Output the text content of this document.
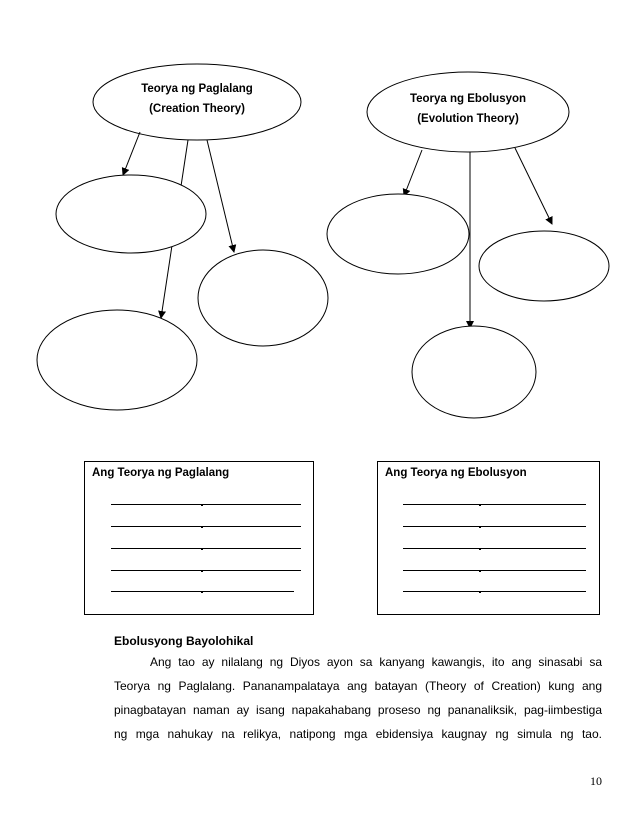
Teorya ng Paglalang
(Creation Theory)
Teorya ng Ebolusyon
(Evolution Theory)
Ang Teorya ng Paglalang	Ang Teorya ng Ebolusyon
Ebolusyong Bayolohikal
Ang tao ay nilalang ng Diyos ayon sa kanyang kawangis, ito ang sinasabi sa
Teorya ng Paglalang. Pananampalataya ang batayan (Theory of Creation) kung ang
pinagbatayan naman ay isang napakahabang proseso ng pananaliksik, pag-iimbestiga
ng mga nahukay na relikya, natipong mga ebidensiya kaugnay ng simula ng tao.
10
